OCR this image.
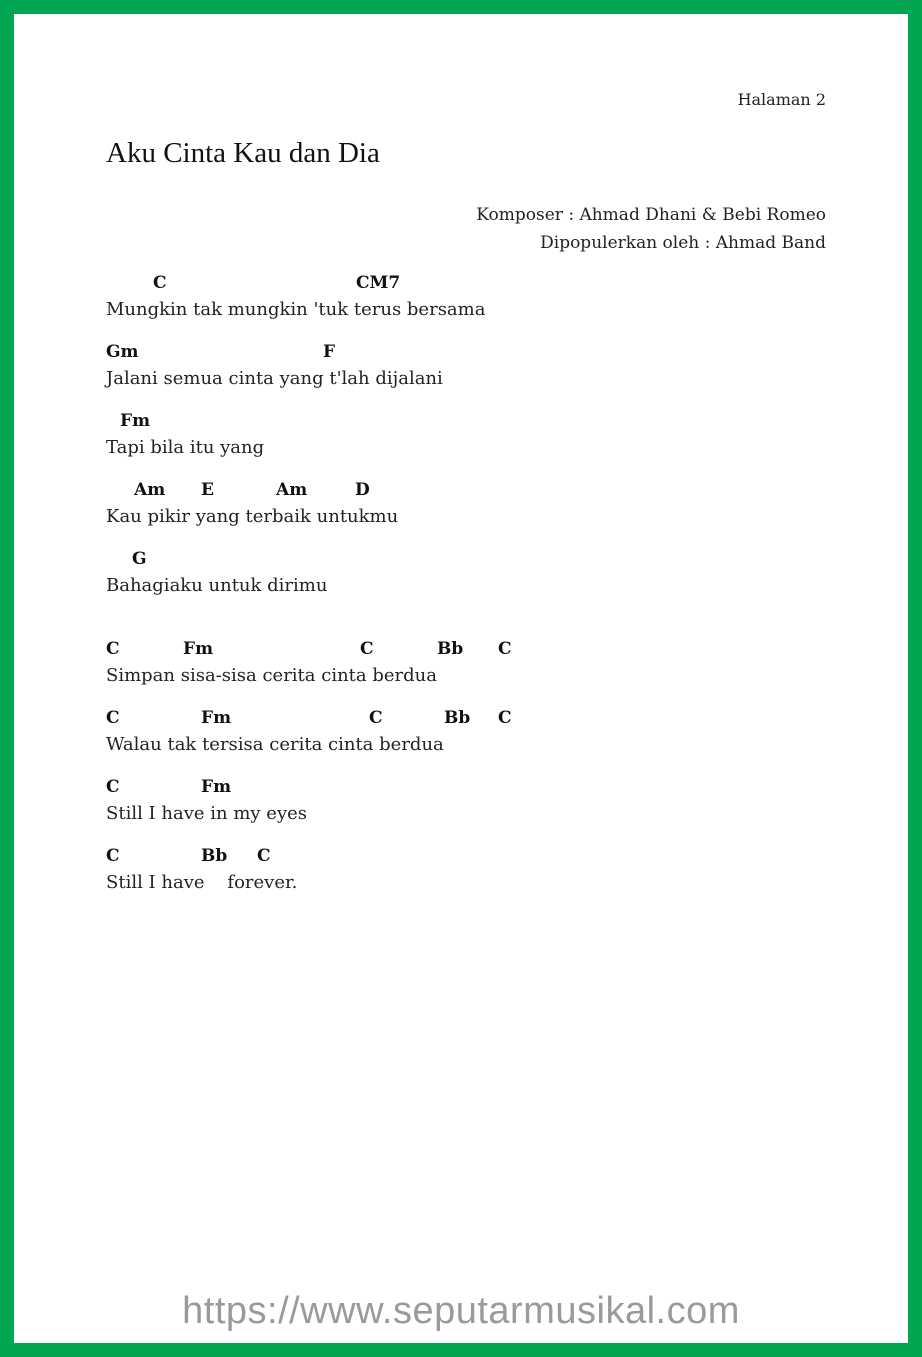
Halaman 2
Aku Cinta Kau dan Dia
Komposer : Ahmad Dhani & Bebi Romeo
Dipopulerkan oleh : Ahmad Band
C	CM7
Mungkin tak mungkin 'tuk terus bersama
Gm	F
Jalani semua cinta yang t'lah dijalani
Fm
Tapi bila itu yang
Am E	Am	D
Kau pikir yang terbaik untukmu
G
Bahagiaku untuk dirimu
C	Fm	C	Bb C
Simpan sisa-sisa cerita cinta berdua
C	Fm	C	Bb C
Walau tak tersisa cerita cinta berdua
C	Fm
Still I have in my eyes
C	Bb C
Still I have    forever.
https://www.seputarmusikal.com
